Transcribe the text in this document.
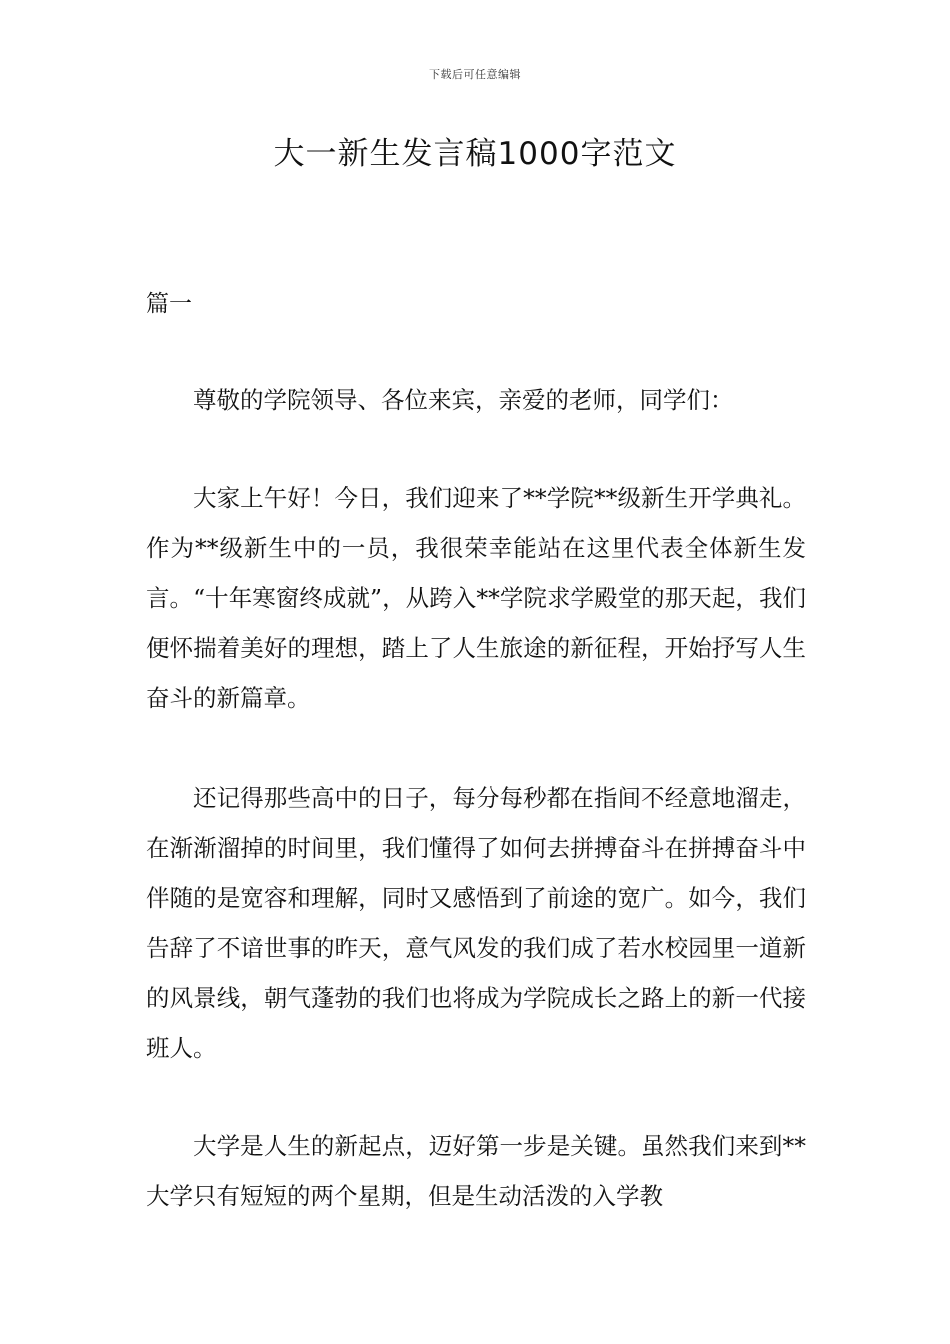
下载后可任意编辑
大一新生发言稿1000字范文
篇一

尊敬的学院领导、各位来宾，亲爱的老师，同学们：

大家上午好！今日，我们迎来了**学院**级新生开学典礼。作为**级新生中的一员，我很荣幸能站在这里代表全体新生发言。“十年寒窗终成就”，从跨入**学院求学殿堂的那天起，我们便怀揣着美好的理想，踏上了人生旅途的新征程，开始抒写人生奋斗的新篇章。

还记得那些高中的日子，每分每秒都在指间不经意地溜走，在渐渐溜掉的时间里，我们懂得了如何去拼搏奋斗在拼搏奋斗中伴随的是宽容和理解，同时又感悟到了前途的宽广。如今，我们告辞了不谙世事的昨天，意气风发的我们成了若水校园里一道新的风景线，朝气蓬勃的我们也将成为学院成长之路上的新一代接班人。

大学是人生的新起点，迈好第一步是关键。虽然我们来到**大学只有短短的两个星期，但是生动活泼的入学教
